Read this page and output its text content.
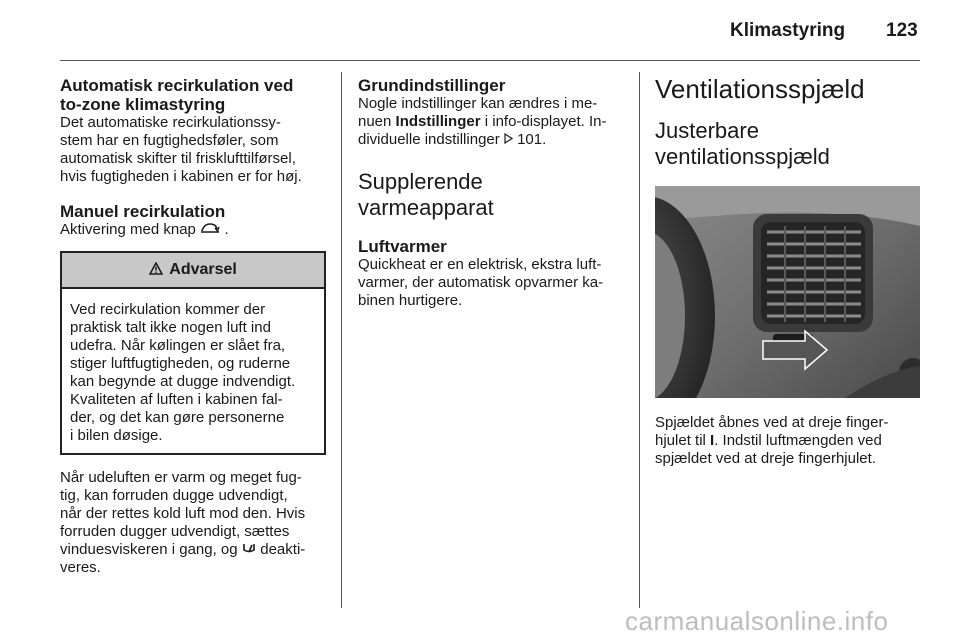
Klimastyring 123

Automatisk recirkulation ved
to-zone klimastyring

Det automatiske recirkulationssy-
stem har en fugtighedsføler, som
automatisk skifter til frisklufttilførsel,
hvis fugtigheden i kabinen er for høj.

Manuel recirkulation

Aktivering med knap .

Advarsel
Ved recirkulation kommer der
praktisk talt ikke nogen luft ind
udefra. Når kølingen er slået fra,
stiger luftfugtigheden, og ruderne
kan begynde at dugge indvendigt.
Kvaliteten af luften i kabinen fal-
der, og det kan gøre personerne
i bilen døsige.

Når udeluften er varm og meget fug-
tig, kan forruden dugge udvendigt,
når der rettes kold luft mod den. Hvis
forruden dugger udvendigt, sættes
vinduesviskeren i gang, og deakti-
veres.

Grundindstillinger

Nogle indstillinger kan ændres i me-
nuen Indstillinger i info-displayet. In-
dividuelle indstillinger 101.

Supplerende
varmeapparat

Luftvarmer

Quickheat er en elektrisk, ekstra luft-
varmer, der automatisk opvarmer ka-
binen hurtigere.

Ventilationsspjæld

Justerbare
ventilationsspjæld

Spjældet åbnes ved at dreje finger-
hjulet til I. Indstil luftmængden ved
spjældet ved at dreje fingerhjulet.

carmanualsonline.info
